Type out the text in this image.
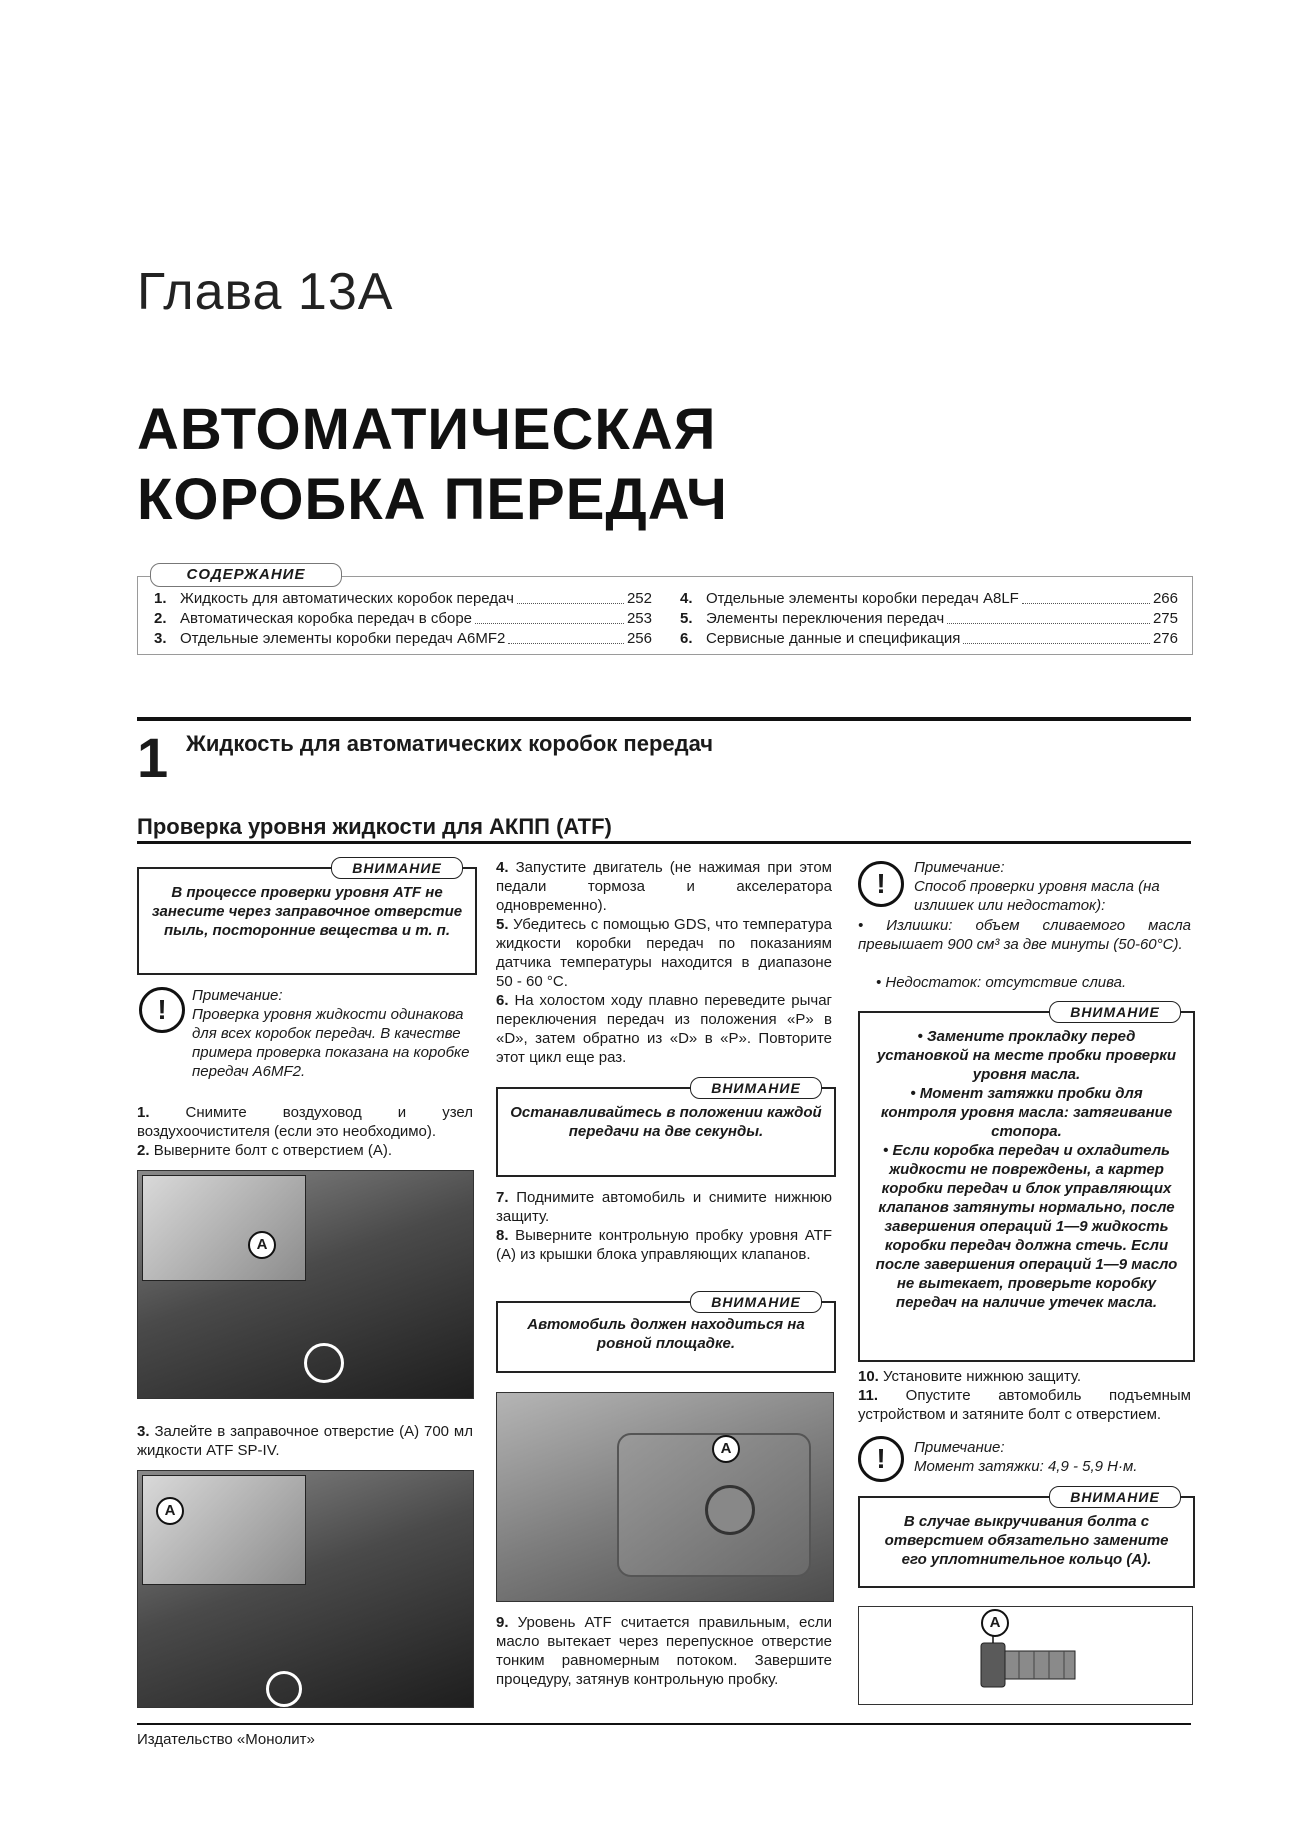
Глава 13А
АВТОМАТИЧЕСКАЯ
КОРОБКА ПЕРЕДАЧ
1. Жидкость для автоматических коробок передач	252
2. Автоматическая коробка передач в сборе	253
3. Отдельные элементы коробки передач A6MF2	256
4. Отдельные элементы коробки передач A8LF	266
5. Элементы переключения передач	275
6. Сервисные данные и спецификация	276
СОДЕРЖАНИЕ
1 Жидкость для автоматических коробок передач
Проверка уровня жидкости для АКПП (ATF)
ВНИМАНИЕ
В процессе проверки уровня ATF не занесите через заправочное отверстие пыль, посторонние вещества и т. п.
!	Примечание:
Проверка уровня жидкости одинакова для всех коробок передач. В качестве примера проверка показана на коробке передач A6MF2.
1. Снимите воздуховод и узел воздухоочистителя (если это необходимо).
2. Выверните болт с отверстием (A).
A
3. Залейте в заправочное отверстие (A) 700 мл жидкости ATF SP-IV.
A
4. Запустите двигатель (не нажимая при этом педали тормоза и акселератора одновременно).
5. Убедитесь с помощью GDS, что температура жидкости коробки передач по показаниям датчика температуры находится в диапазоне 50 - 60 °C.
6. На холостом ходу плавно переведите рычаг переключения передач из положения «P» в «D», затем обратно из «D» в «P». Повторите этот цикл еще раз.
ВНИМАНИЕ
Останавливайтесь в положении каждой передачи на две секунды.
7. Поднимите автомобиль и снимите нижнюю защиту.
8. Выверните контрольную пробку уровня ATF (A) из крышки блока управляющих клапанов.
ВНИМАНИЕ
Автомобиль должен находиться на ровной площадке.
A
9. Уровень ATF считается правильным, если масло вытекает через перепускное отверстие тонким равномерным потоком. Завершите процедуру, затянув контрольную пробку.
!
Примечание:
Способ проверки уровня масла (на излишек или недостаток):
• Излишки: объем сливаемого масла превышает 900 см³ за две минуты (50-60°C).
• Недостаток: отсутствие слива.
ВНИМАНИЕ
• Замените прокладку перед установкой на месте пробки проверки уровня масла.
• Момент затяжки пробки для контроля уровня масла: затягивание стопора.
• Если коробка передач и охладитель жидкости не повреждены, а картер коробки передач и блок управляющих клапанов затянуты нормально, после завершения операций 1—9 жидкость коробки передач должна стечь. Если после завершения операций 1—9 масло не вытекает, проверьте коробку передач на наличие утечек масла.
10. Установите нижнюю защиту.
11. Опустите автомобиль подъемным устройством и затяните болт с отверстием.
!	Примечание:
Момент затяжки: 4,9 - 5,9 Н·м.
ВНИМАНИЕ
В случае выкручивания болта с отверстием обязательно замените его уплотнительное кольцо (A).
A
Издательство «Монолит»
